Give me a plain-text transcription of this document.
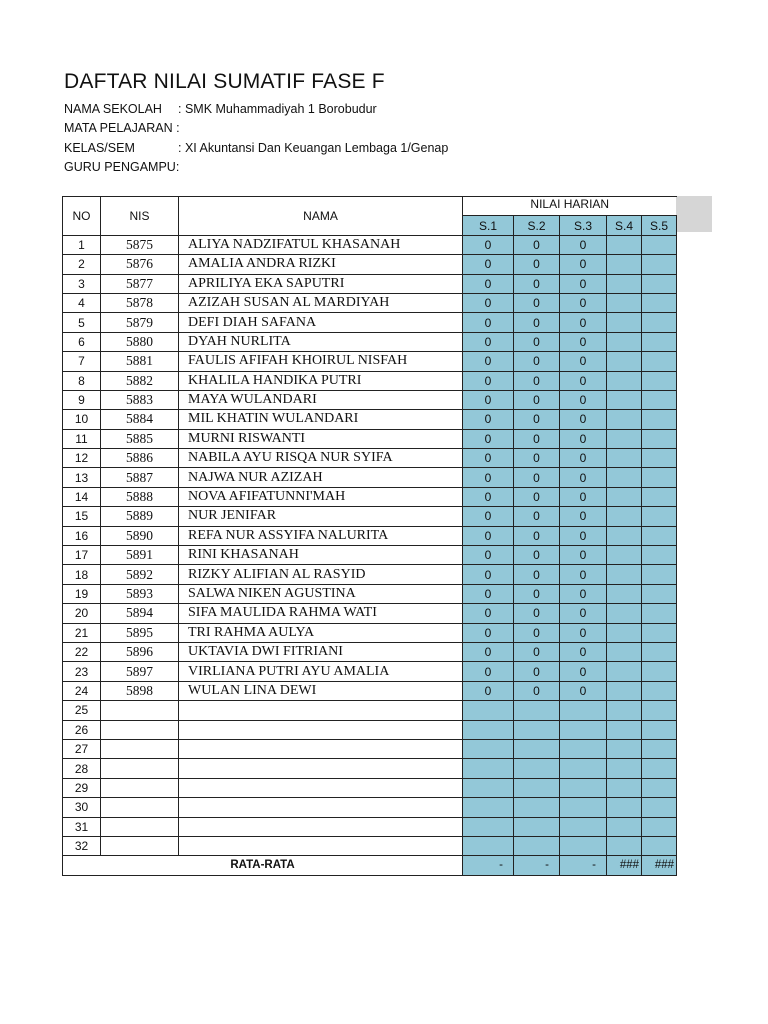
DAFTAR NILAI SUMATIF FASE F
NAMA SEKOLAH : SMK Muhammadiyah 1 Borobudur
MATA PELAJARAN :
KELAS/SEM	: XI Akuntansi Dan Keuangan Lembaga 1/Genap
GURU PENGAMPU:
NO	NIS	NAMA	NILAI HARIAN				
			S.1	S.2	S.3	S.4	S.5
1	5875	ALIYA NADZIFATUL KHASANAH	0	0	0		
2	5876	AMALIA ANDRA RIZKI	0	0	0		
3	5877	APRILIYA EKA SAPUTRI	0	0	0		
4	5878	AZIZAH SUSAN AL MARDIYAH	0	0	0		
5	5879	DEFI DIAH SAFANA	0	0	0		
6	5880	DYAH NURLITA	0	0	0		
7	5881	FAULIS AFIFAH KHOIRUL NISFAH	0	0	0		
8	5882	KHALILA HANDIKA PUTRI	0	0	0		
9	5883	MAYA WULANDARI	0	0	0		
10	5884	MIL KHATIN WULANDARI	0	0	0		
11	5885	MURNI RISWANTI	0	0	0		
12	5886	NABILA AYU RISQA NUR SYIFA	0	0	0		
13	5887	NAJWA NUR AZIZAH	0	0	0		
14	5888	NOVA AFIFATUNNI'MAH	0	0	0		
15	5889	NUR JENIFAR	0	0	0		
16	5890	REFA NUR ASSYIFA NALURITA	0	0	0		
17	5891	RINI KHASANAH	0	0	0		
18	5892	RIZKY ALIFIAN AL RASYID	0	0	0		
19	5893	SALWA NIKEN AGUSTINA	0	0	0		
20	5894	SIFA MAULIDA RAHMA WATI	0	0	0		
21	5895	TRI RAHMA AULYA	0	0	0		
22	5896	UKTAVIA DWI FITRIANI	0	0	0		
23	5897	VIRLIANA PUTRI AYU AMALIA	0	0	0		
24	5898	WULAN LINA DEWI	0	0	0		
25							
26							
27							
28							
29							
30							
31							
32							
RATA-RATA			-	-	-	###	###
